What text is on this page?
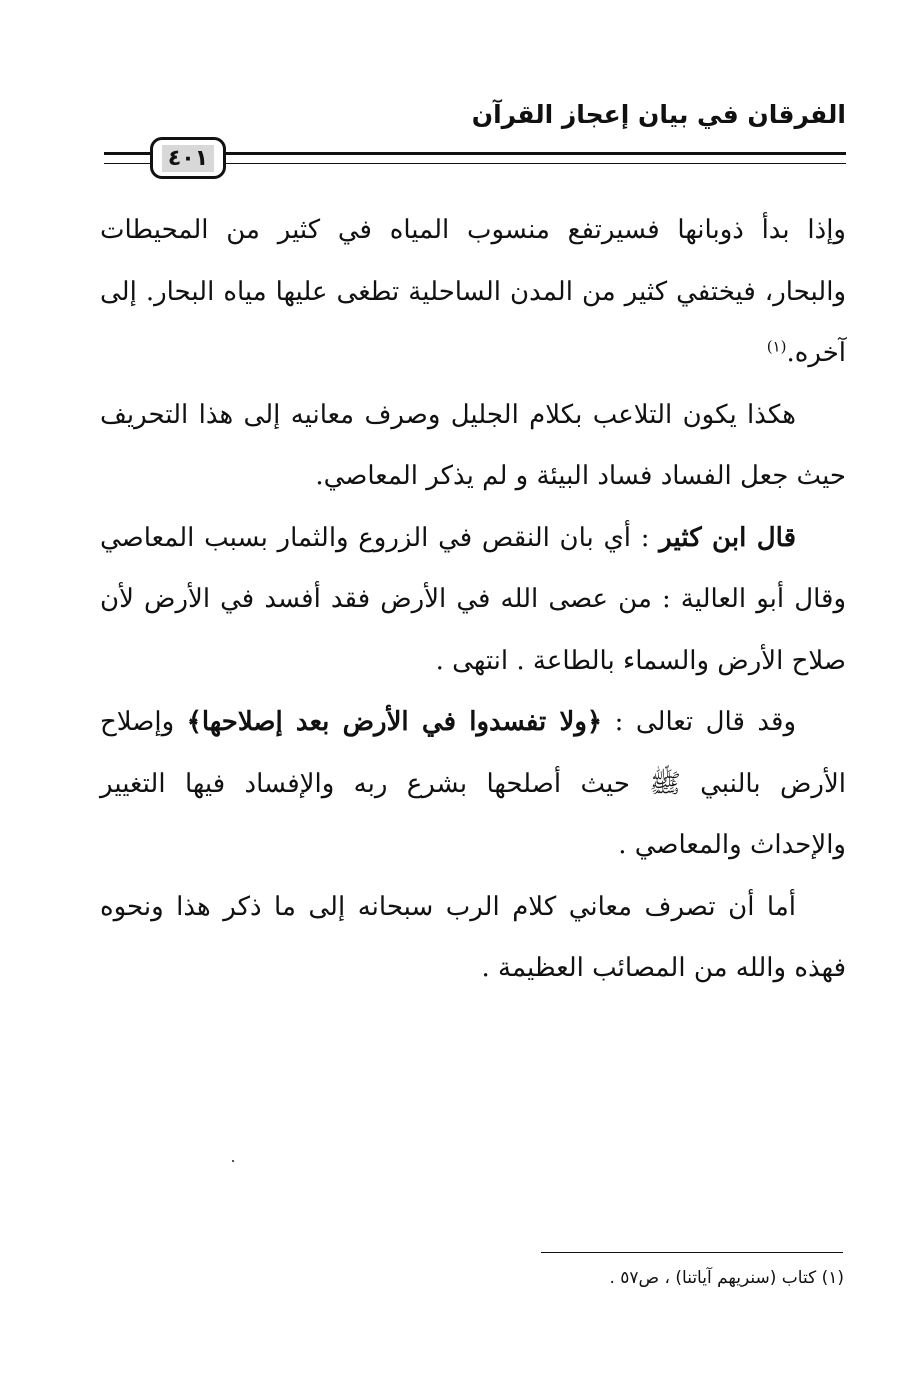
الفرقان في بيان إعجاز القرآن
٤٠١

وإذا بدأ ذوبانها فسيرتفع منسوب المياه في كثير من المحيطات والبحار، فيختفي كثير من المدن الساحلية تطغى عليها مياه البحار. إلى آخره.$^{(١)}$

هكذا يكون التلاعب بكلام الجليل وصرف معانيه إلى هذا التحريف حيث جعل الفساد فساد البيئة و لم يذكر المعاصي.

قال ابن كثير : أي بان النقص في الزروع والثمار بسبب المعاصي وقال أبو العالية : من عصى الله في الأرض فقد أفسد في الأرض لأن صلاح الأرض والسماء بالطاعة . انتهى .

وقد قال تعالى : ﴿ولا تفسدوا في الأرض بعد إصلاحها﴾ وإصلاح الأرض بالنبي ﷺ حيث أصلحها بشرع ربه والإفساد فيها التغيير والإحداث والمعاصي .

أما أن تصرف معاني كلام الرب سبحانه إلى ما ذكر هذا ونحوه فهذه والله من المصائب العظيمة .

(١) كتاب (سنريهم آياتنا) ، ص٥٧ .
